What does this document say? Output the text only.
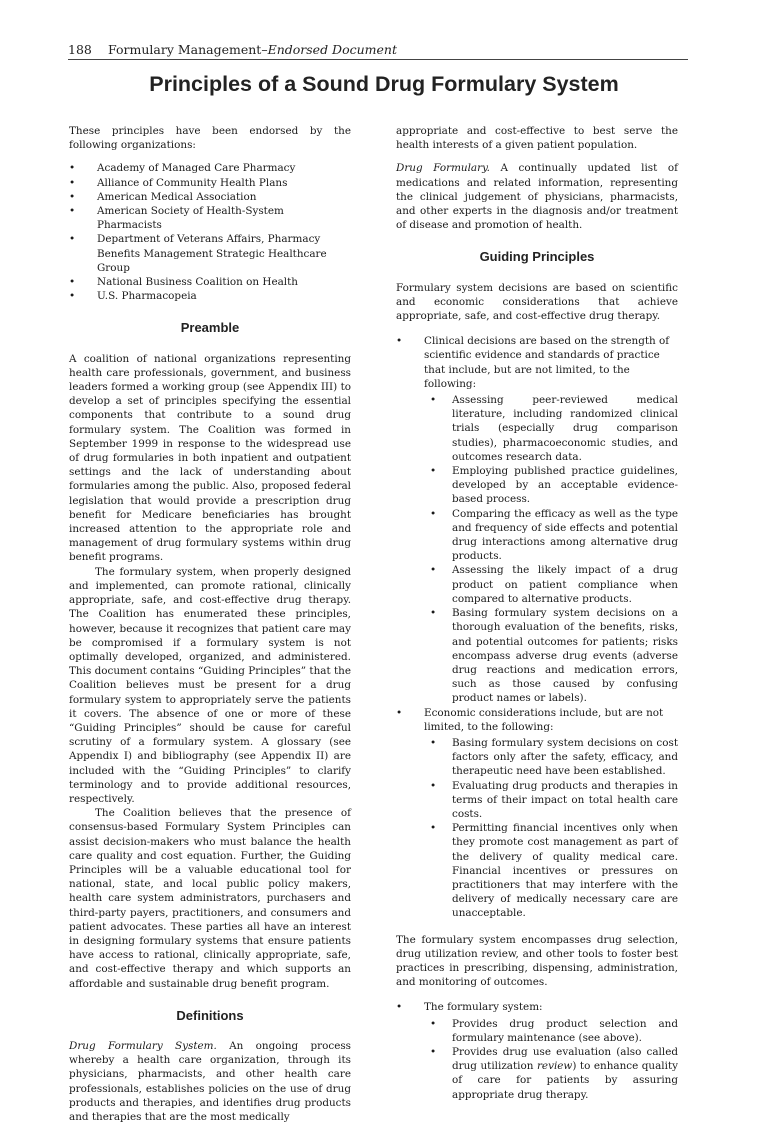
188 Formulary Management–Endorsed Document
Principles of a Sound Drug Formulary System

These principles have been endorsed by the following organizations:

• Academy of Managed Care Pharmacy
• Alliance of Community Health Plans
• American Medical Association
• American Society of Health-System Pharmacists
• Department of Veterans Affairs, Pharmacy Benefits Management Strategic Healthcare Group
• National Business Coalition on Health
• U.S. Pharmacopeia
Preamble

A coalition of national organizations representing health care professionals, government, and business leaders formed a working group (see Appendix III) to develop a set of principles specifying the essential components that contribute to a sound drug formulary system. The Coalition was formed in September 1999 in response to the widespread use of drug formularies in both inpatient and outpatient settings and the lack of understanding about formularies among the public. Also, proposed federal legislation that would provide a prescription drug benefit for Medicare beneficiaries has brought increased attention to the appropriate role and management of drug formulary systems within drug benefit programs.

The formulary system, when properly designed and implemented, can promote rational, clinically appropriate, safe, and cost-effective drug therapy. The Coalition has enumerated these principles, however, because it recognizes that patient care may be compromised if a formulary system is not optimally developed, organized, and administered. This document contains “Guiding Principles” that the Coalition believes must be present for a drug formulary system to appropriately serve the patients it covers. The absence of one or more of these “Guiding Principles” should be cause for careful scrutiny of a formulary system. A glossary (see Appendix I) and bibliography (see Appendix II) are included with the “Guiding Principles” to clarify terminology and to provide additional resources, respectively.

The Coalition believes that the presence of consensus-based Formulary System Principles can assist decision-makers who must balance the health care quality and cost equation. Further, the Guiding Principles will be a valuable educational tool for national, state, and local public policy makers, health care system administrators, purchasers and third-party payers, practitioners, and consumers and patient advocates. These parties all have an interest in designing formulary systems that ensure patients have access to rational, clinically appropriate, safe, and cost-effective therapy and which supports an affordable and sustainable drug benefit program.

Definitions

Drug Formulary System. An ongoing process whereby a health care organization, through its physicians, pharmacists, and other health care professionals, establishes policies on the use of drug products and therapies, and identifies drug products and therapies that are the most medically

appropriate and cost-effective to best serve the health interests of a given patient population.

Drug Formulary. A continually updated list of medications and related information, representing the clinical judgement of physicians, pharmacists, and other experts in the diagnosis and/or treatment of disease and promotion of health.

Guiding Principles

Formulary system decisions are based on scientific and economic considerations that achieve appropriate, safe, and cost-effective drug therapy.

• Clinical decisions are based on the strength of scientific evidence and standards of practice that include, but are not limited, to the following:
• Assessing peer-reviewed medical literature, including randomized clinical trials (especially drug comparison studies), pharmacoeconomic studies, and outcomes research data.
• Employing published practice guidelines, developed by an acceptable evidence-based process.
• Comparing the efficacy as well as the type and frequency of side effects and potential drug interactions among alternative drug products.
• Assessing the likely impact of a drug product on patient compliance when compared to alternative products.
• Basing formulary system decisions on a thorough evaluation of the benefits, risks, and potential outcomes for patients; risks encompass adverse drug events (adverse drug reactions and medication errors, such as those caused by confusing product names or labels).
• Economic considerations include, but are not limited, to the following:
• Basing formulary system decisions on cost factors only after the safety, efficacy, and therapeutic need have been established.
• Evaluating drug products and therapies in terms of their impact on total health care costs.
• Permitting financial incentives only when they promote cost management as part of the delivery of quality medical care. Financial incentives or pressures on practitioners that may interfere with the delivery of medically necessary care are unacceptable.

The formulary system encompasses drug selection, drug utilization review, and other tools to foster best practices in prescribing, dispensing, administration, and monitoring of outcomes.

• The formulary system:
• Provides drug product selection and formulary maintenance (see above).
• Provides drug use evaluation (also called drug utilization review) to enhance quality of care for patients by assuring appropriate drug therapy.
